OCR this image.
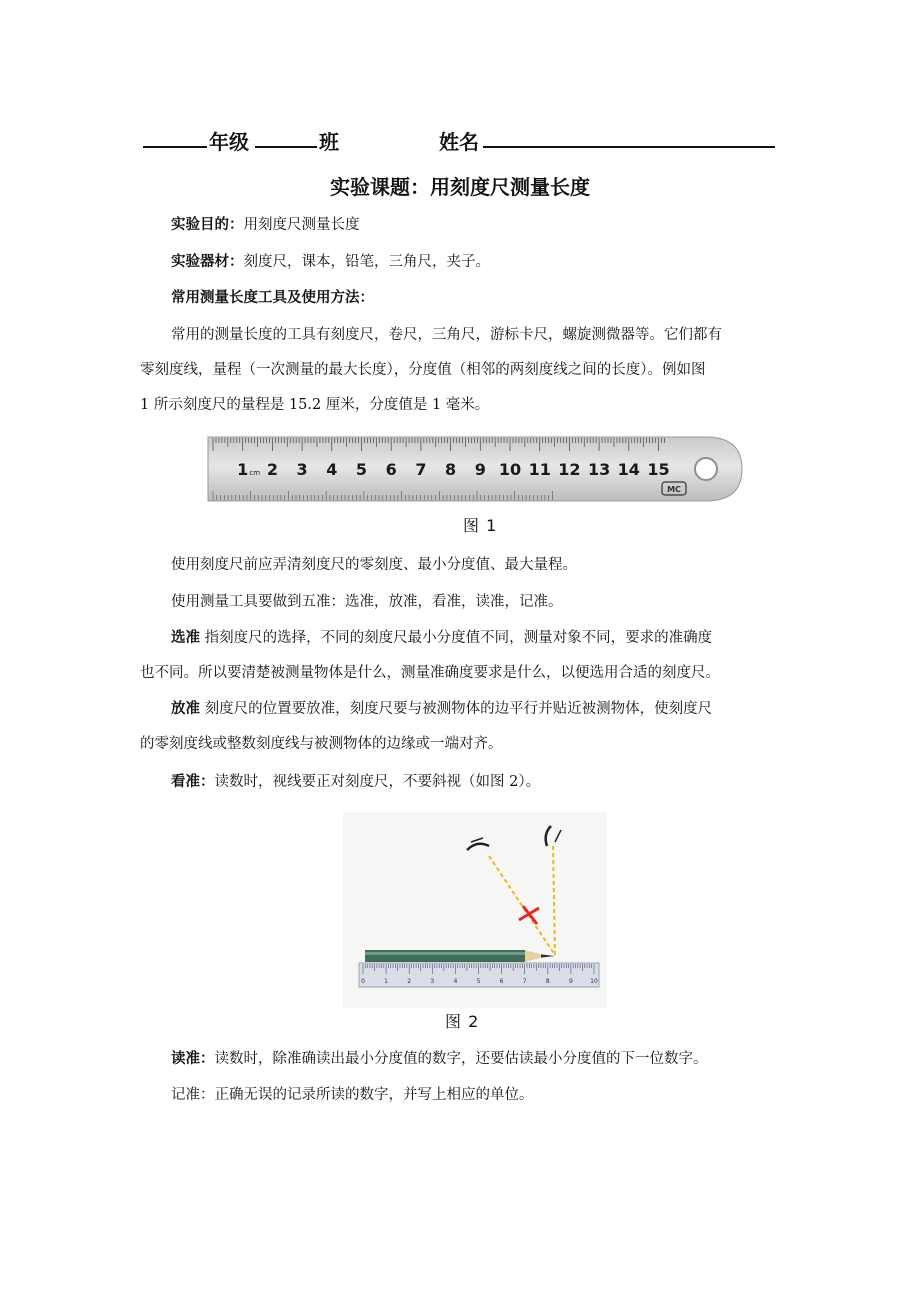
年级	班	姓名
实验课题：用刻度尺测量长度
实验目的：用刻度尺测量长度
实验器材：刻度尺，课本，铅笔，三角尺，夹子。
常用测量长度工具及使用方法：
常用的测量长度的工具有刻度尺，卷尺，三角尺，游标卡尺，螺旋测微器等。它们都有
零刻度线，量程（一次测量的最大长度），分度值（相邻的两刻度线之间的长度）。例如图
1 所示刻度尺的量程是 15.2 厘米，分度值是 1 毫米。
1 cm 2 3 4 5 6 7 8 9 10 11 12 13 14 15
MC
图 1
使用刻度尺前应弄清刻度尺的零刻度、最小分度值、最大量程。
使用测量工具要做到五准：选准，放准，看准，读准，记准。
选准 指刻度尺的选择，不同的刻度尺最小分度值不同，测量对象不同，要求的准确度
也不同。所以要清楚被测量物体是什么，测量准确度要求是什么，以便选用合适的刻度尺。
放准 刻度尺的位置要放准，刻度尺要与被测物体的边平行并贴近被测物体，使刻度尺
的零刻度线或整数刻度线与被测物体的边缘或一端对齐。
看准：读数时，视线要正对刻度尺，不要斜视（如图 2）。
0	1	2	3	4	5	6	7	8	9	10
图 2
读准：读数时，除准确读出最小分度值的数字，还要估读最小分度值的下一位数字。
记准：正确无误的记录所读的数字，并写上相应的单位。
